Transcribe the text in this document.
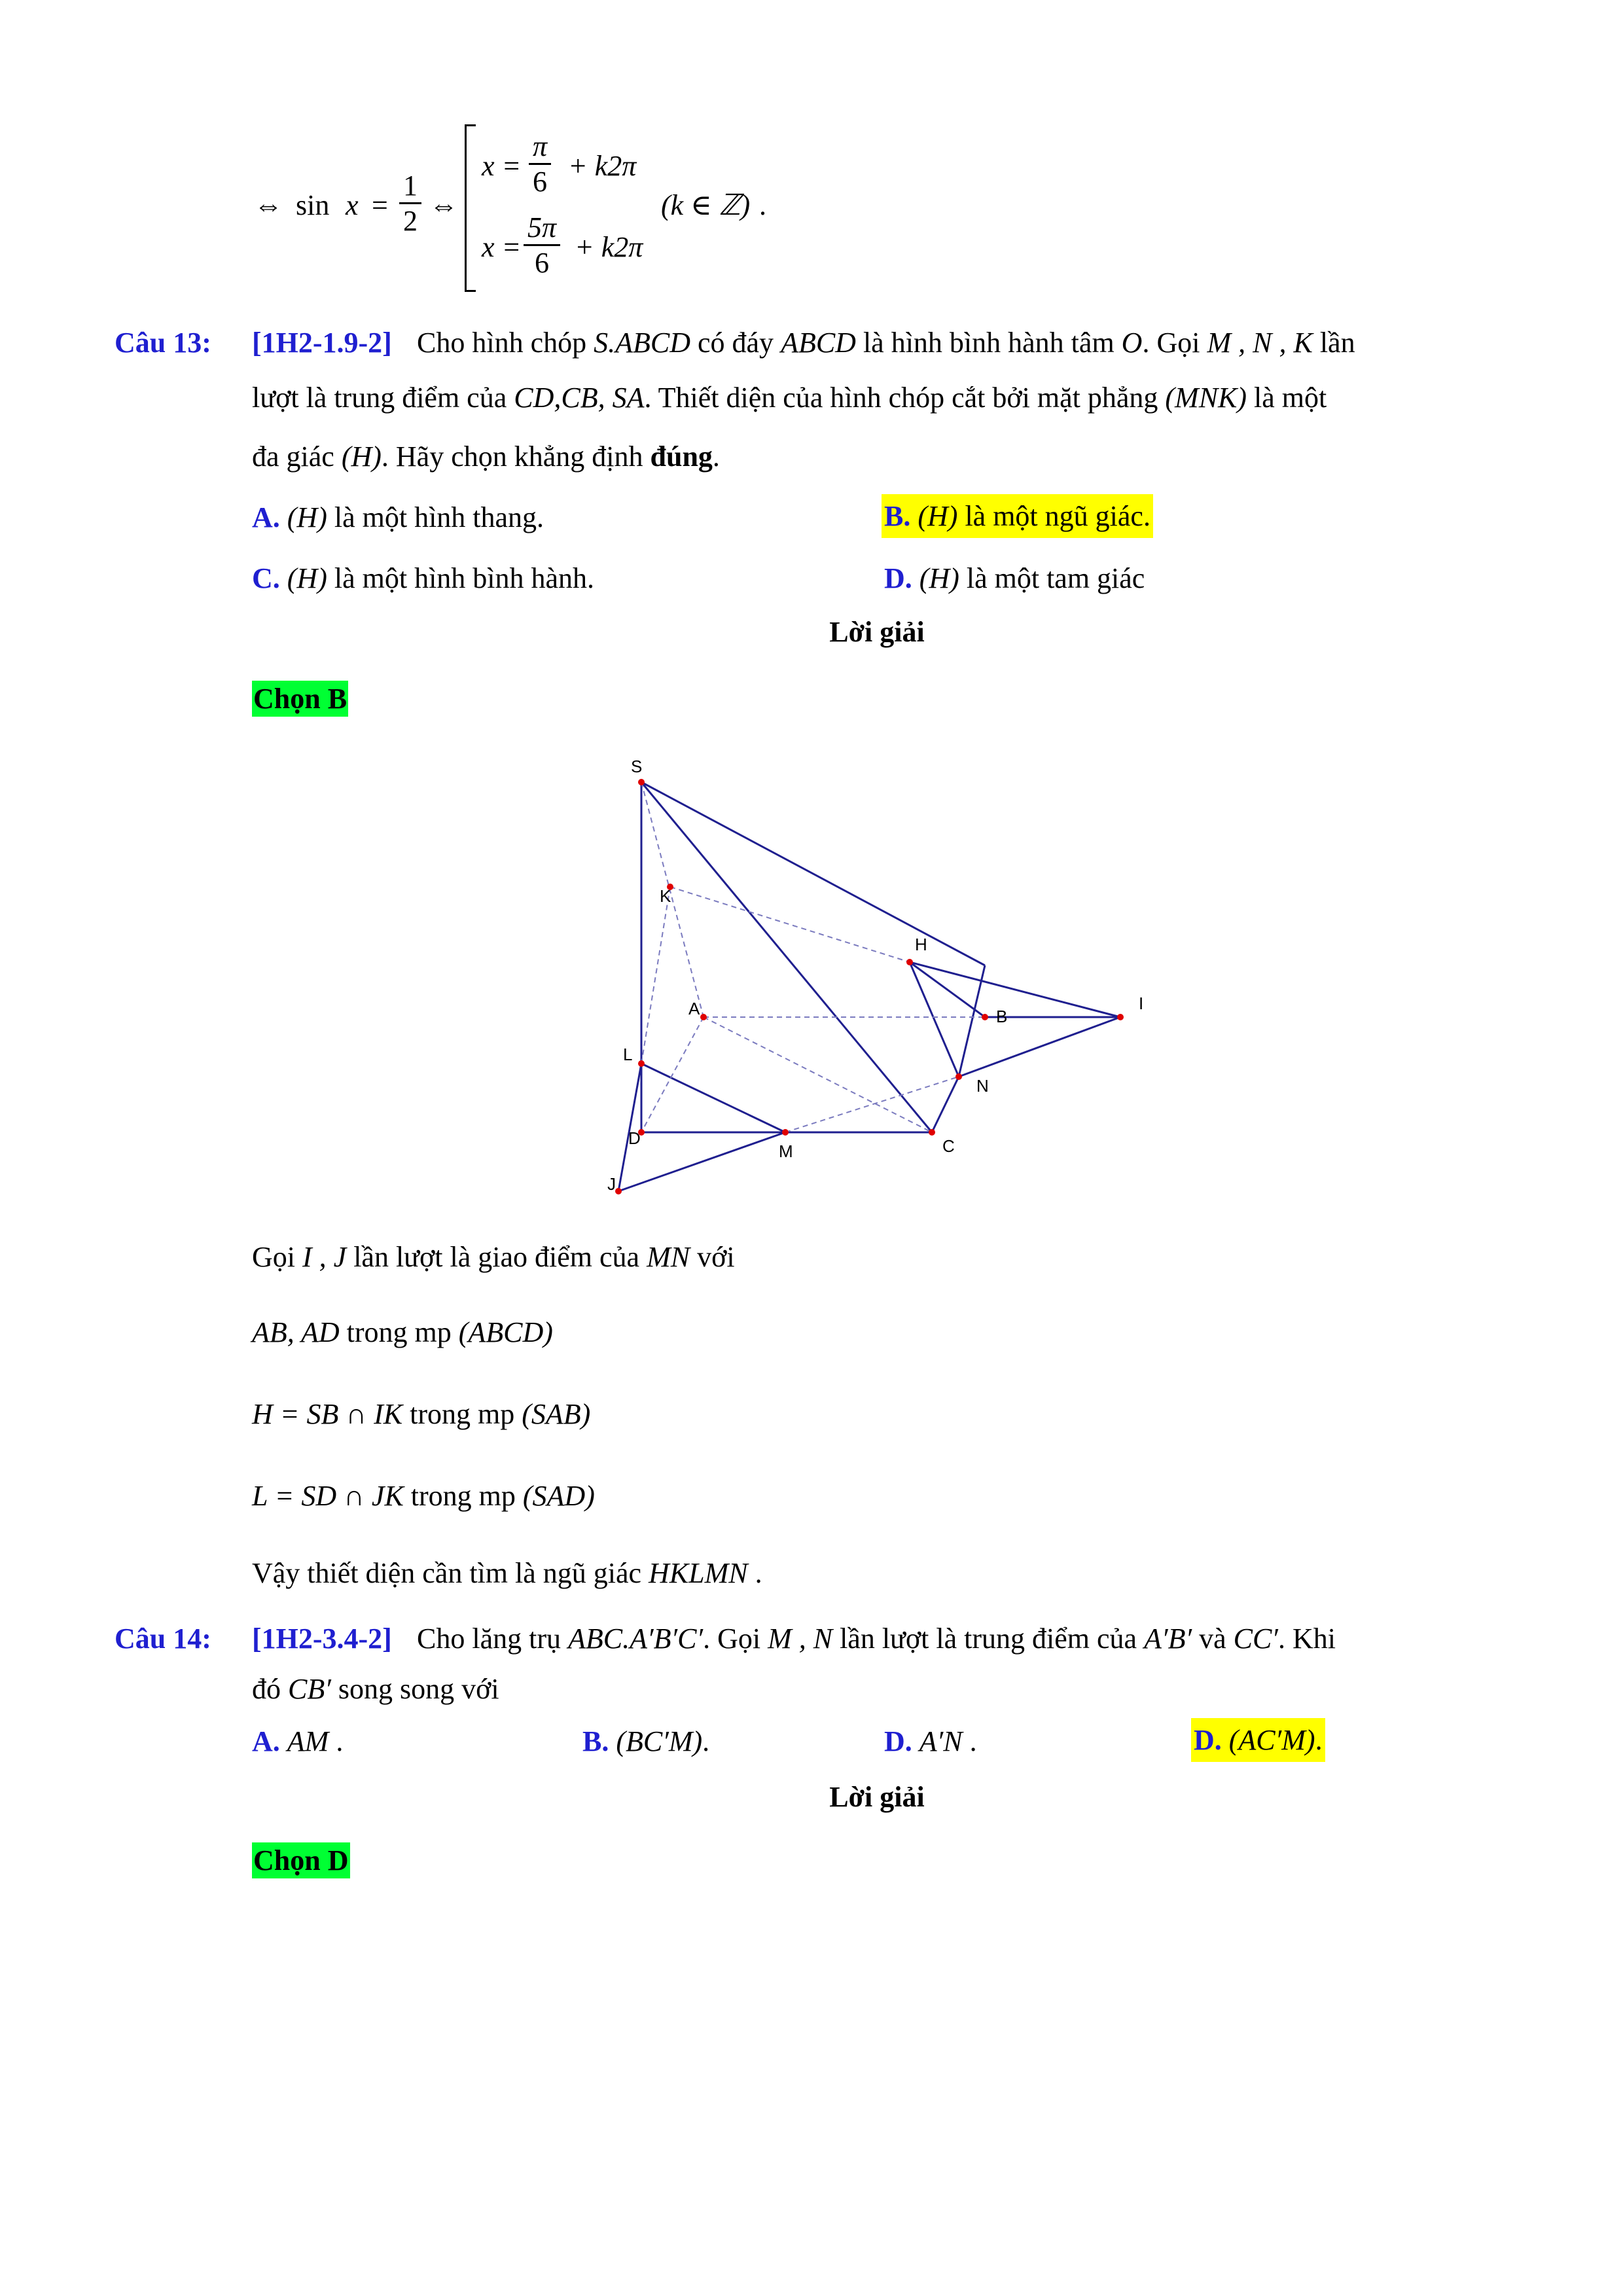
⇔ $\sin x = \frac{1}{2}$ ⇔
$x = \frac{\pi}{6} + k2\pi$
$x = \frac{5\pi}{6} + k2\pi$
(k ∈ ℤ) .
Câu 13: [1H2-1.9-2] Cho hình chóp S.ABCD có đáy ABCD là hình bình hành tâm O. Gọi M , N , K lần
lượt là trung điểm của CD,CB, SA. Thiết diện của hình chóp cắt bởi mặt phẳng (MNK) là một
đa giác (H). Hãy chọn khẳng định đúng.
A. (H) là một hình thang.	B. (H) là một ngũ giác.
C. (H) là một hình bình hành.	D. (H) là một tam giác
Lời giải
Chọn B
S
K
H
I
A	B
L
N
D
M	C
J
Gọi I , J lần lượt là giao điểm của MN với
AB, AD trong mp (ABCD)
H = SB ∩ IK trong mp (SAB)
L = SD ∩ JK trong mp (SAD)
Vậy thiết diện cần tìm là ngũ giác HKLMN .
Câu 14: [1H2-3.4-2] Cho lăng trụ ABC.A′B′C′. Gọi M , N lần lượt là trung điểm của A′B′ và CC′. Khi
đó CB′ song song với
A. AM .	B. (BC′M).	D. A′N .	D. (AC′M).
Lời giải
Chọn D
